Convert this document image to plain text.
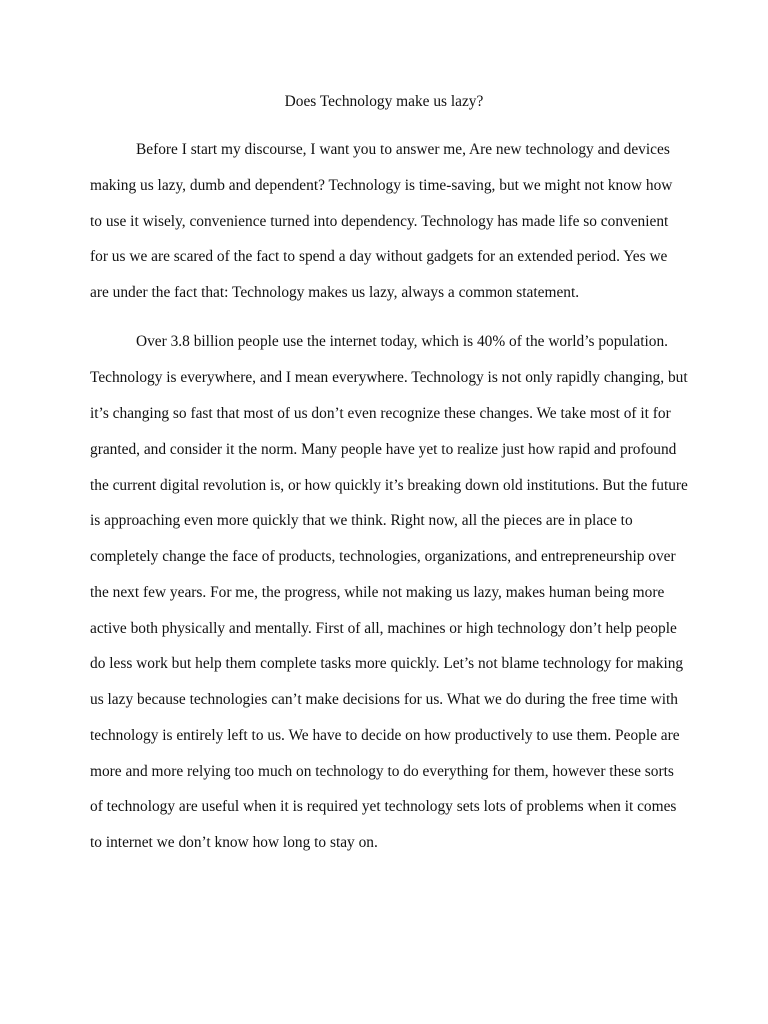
Does Technology make us lazy?

Before I start my discourse, I want you to answer me, Are new technology and devices

making us lazy, dumb and dependent? Technology is time-saving, but we might not know how

to use it wisely, convenience turned into dependency. Technology has made life so convenient

for us we are scared of the fact to spend a day without gadgets for an extended period. Yes we

are under the fact that: Technology makes us lazy, always a common statement.

Over 3.8 billion people use the internet today, which is 40% of the world’s population.

Technology is everywhere, and I mean everywhere. Technology is not only rapidly changing, but

it’s changing so fast that most of us don’t even recognize these changes. We take most of it for

granted, and consider it the norm. Many people have yet to realize just how rapid and profound

the current digital revolution is, or how quickly it’s breaking down old institutions. But the future

is approaching even more quickly that we think. Right now, all the pieces are in place to

completely change the face of products, technologies, organizations, and entrepreneurship over

the next few years. For me, the progress, while not making us lazy, makes human being more

active both physically and mentally. First of all, machines or high technology don’t help people

do less work but help them complete tasks more quickly. Let’s not blame technology for making

us lazy because technologies can’t make decisions for us. What we do during the free time with

technology is entirely left to us. We have to decide on how productively to use them. People are

more and more relying too much on technology to do everything for them, however these sorts

of technology are useful when it is required yet technology sets lots of problems when it comes

to internet we don’t know how long to stay on.
